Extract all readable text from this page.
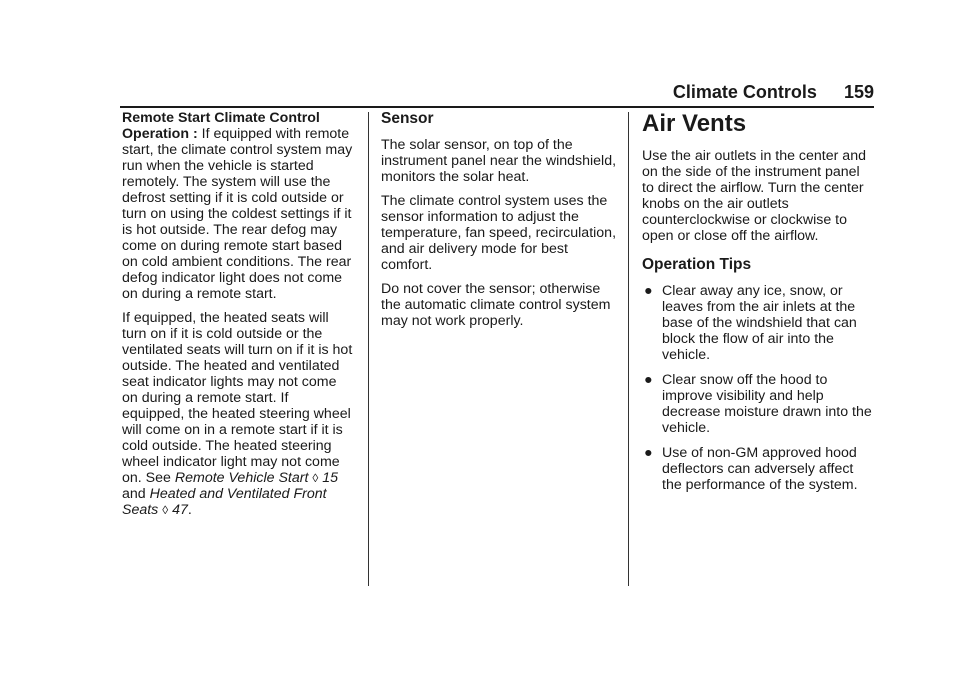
Climate Controls 159

Remote Start Climate Control Operation : If equipped with remote start, the climate control system may run when the vehicle is started remotely. The system will use the defrost setting if it is cold outside or turn on using the coldest settings if it is hot outside. The rear defog may come on during remote start based on cold ambient conditions. The rear defog indicator light does not come on during a remote start.

If equipped, the heated seats will turn on if it is cold outside or the ventilated seats will turn on if it is hot outside. The heated and ventilated seat indicator lights may not come on during a remote start. If equipped, the heated steering wheel will come on in a remote start if it is cold outside. The heated steering wheel indicator light may not come on. See Remote Vehicle Start ◊ 15 and Heated and Ventilated Front Seats ◊ 47.

Sensor

The solar sensor, on top of the instrument panel near the windshield, monitors the solar heat.

The climate control system uses the sensor information to adjust the temperature, fan speed, recirculation, and air delivery mode for best comfort.

Do not cover the sensor; otherwise the automatic climate control system may not work properly.

Air Vents

Use the air outlets in the center and on the side of the instrument panel to direct the airflow. Turn the center knobs on the air outlets counterclockwise or clockwise to open or close off the airflow.

Operation Tips
● Clear away any ice, snow, or leaves from the air inlets at the base of the windshield that can block the flow of air into the vehicle.
● Clear snow off the hood to improve visibility and help decrease moisture drawn into the vehicle.
● Use of non-GM approved hood deflectors can adversely affect the performance of the system.
